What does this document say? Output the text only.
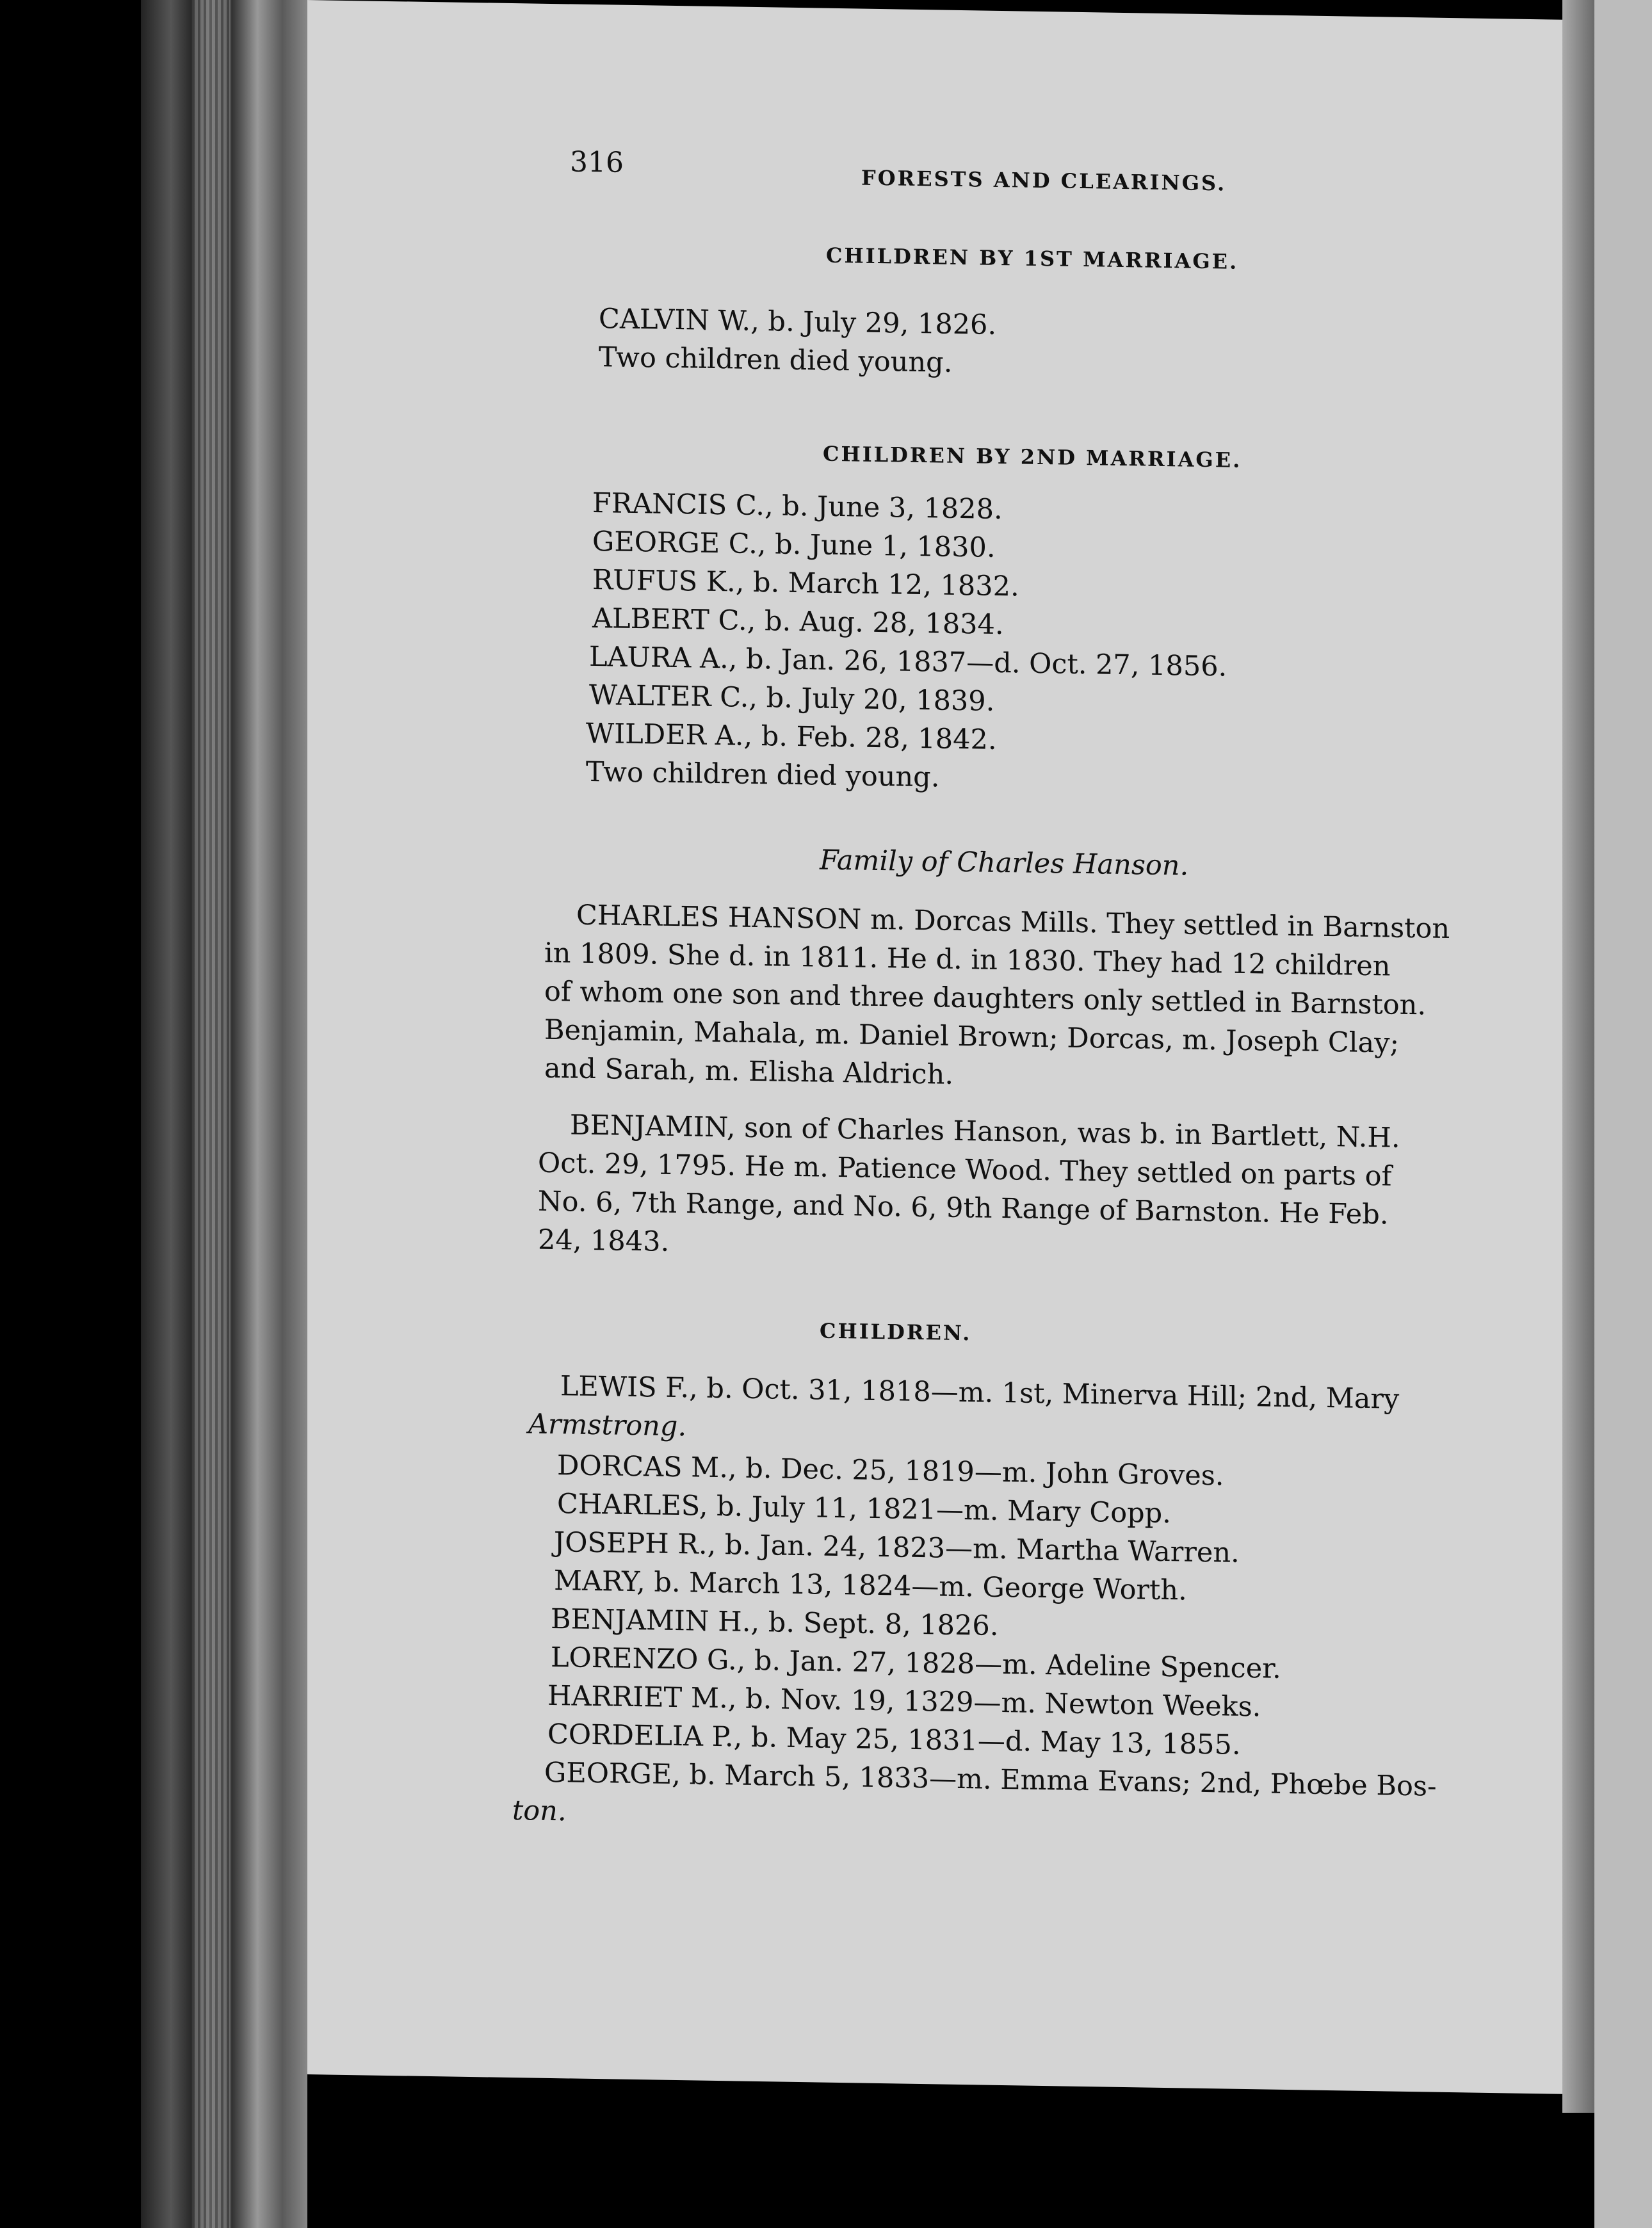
316
FORESTS AND CLEARINGS.
CHILDREN BY 1ST MARRIAGE.
CALVIN W., b. July 29, 1826.
Two children died young.
CHILDREN BY 2ND MARRIAGE.
FRANCIS C., b. June 3, 1828.
GEORGE C., b. June 1, 1830.
RUFUS K., b. March 12, 1832.
ALBERT C., b. Aug. 28, 1834.
LAURA A., b. Jan. 26, 1837—d. Oct. 27, 1856.
WALTER C., b. July 20, 1839.
WILDER A., b. Feb. 28, 1842.
Two children died young.
Family of Charles Hanson.
CHARLES HANSON m. Dorcas Mills. They settled in Barnston
in 1809. She d. in 1811. He d. in 1830. They had 12 children
of whom one son and three daughters only settled in Barnston.
Benjamin, Mahala, m. Daniel Brown; Dorcas, m. Joseph Clay;
and Sarah, m. Elisha Aldrich.
BENJAMIN, son of Charles Hanson, was b. in Bartlett, N.H.
Oct. 29, 1795. He m. Patience Wood. They settled on parts of
No. 6, 7th Range, and No. 6, 9th Range of Barnston. He Feb.
24, 1843.
CHILDREN.
LEWIS F., b. Oct. 31, 1818—m. 1st, Minerva Hill; 2nd, Mary
Armstrong.
DORCAS M., b. Dec. 25, 1819—m. John Groves.
CHARLES, b. July 11, 1821—m. Mary Copp.
JOSEPH R., b. Jan. 24, 1823—m. Martha Warren.
MARY, b. March 13, 1824—m. George Worth.
BENJAMIN H., b. Sept. 8, 1826.
LORENZO G., b. Jan. 27, 1828—m. Adeline Spencer.
HARRIET M., b. Nov. 19, 1329—m. Newton Weeks.
CORDELIA P., b. May 25, 1831—d. May 13, 1855.
GEORGE, b. March 5, 1833—m. Emma Evans; 2nd, Phœbe Bos-
ton.
